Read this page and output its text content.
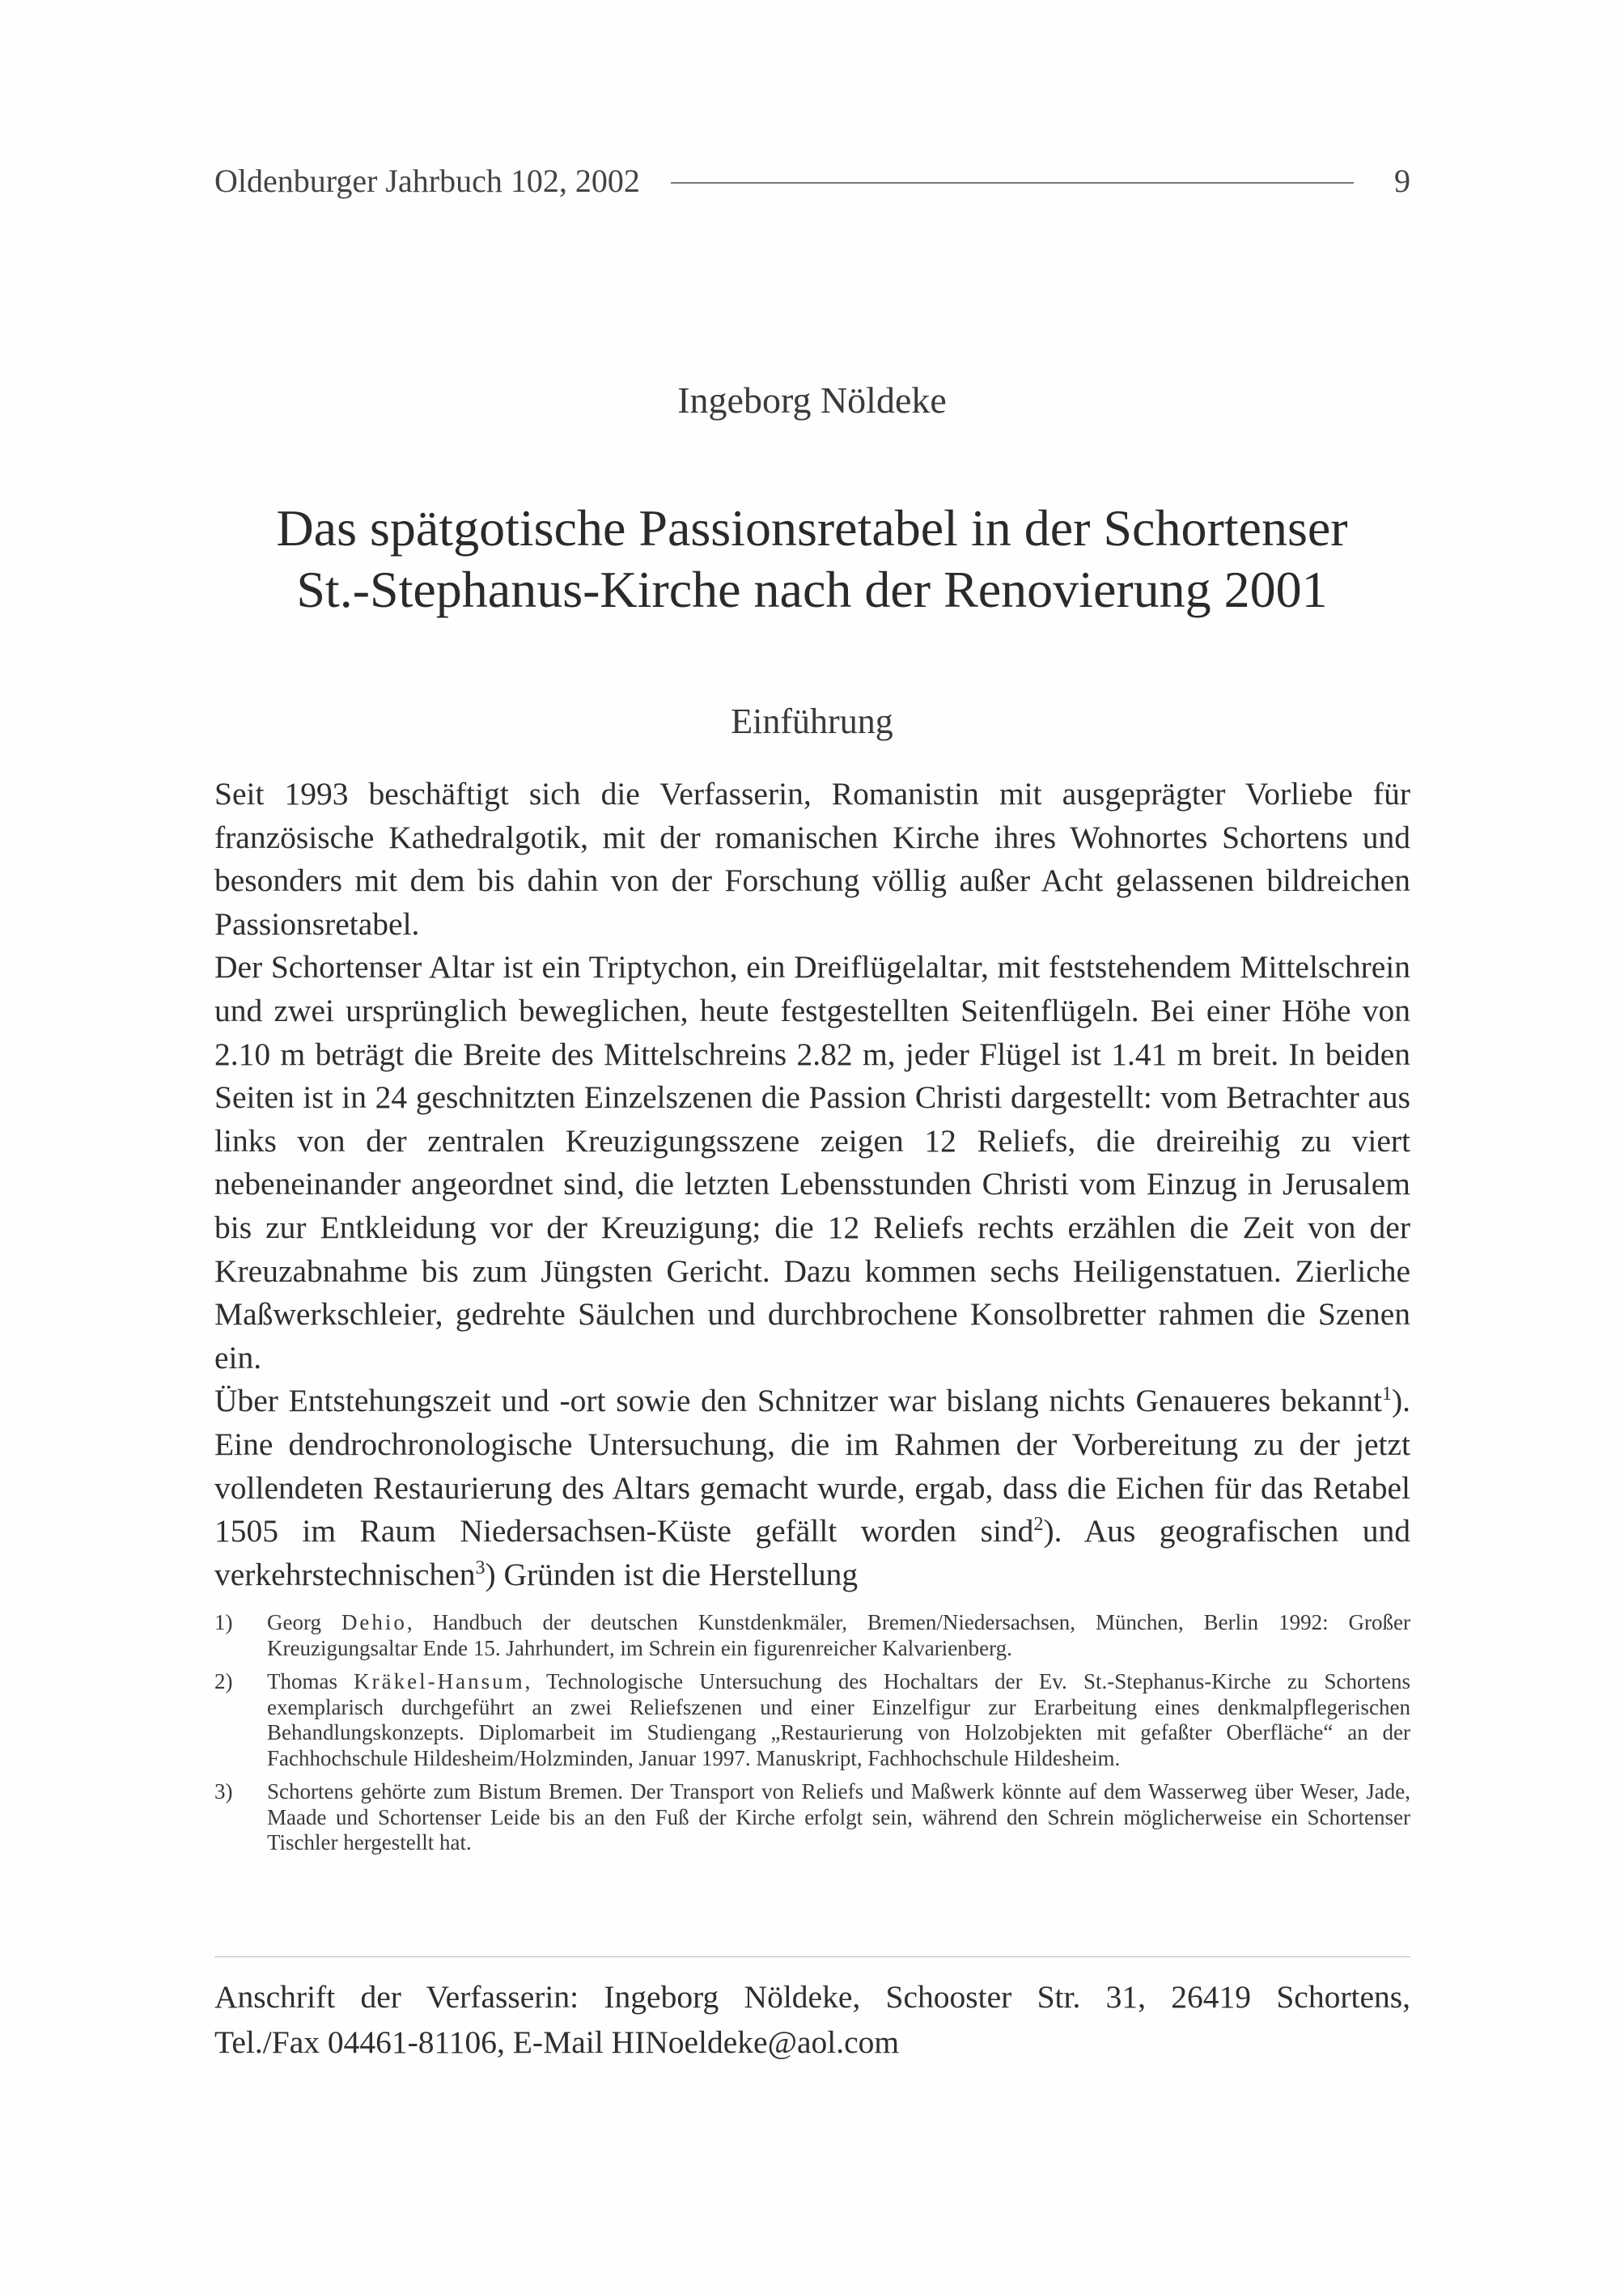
Oldenburger Jahrbuch 102, 2002	9
Ingeborg Nöldeke
Das spätgotische Passionsretabel in der Schortenser
St.-Stephanus-Kirche nach der Renovierung 2001
Einführung

Seit 1993 beschäftigt sich die Verfasserin, Romanistin mit ausgeprägter Vorliebe für französische Kathedralgotik, mit der romanischen Kirche ihres Wohnortes Schortens und besonders mit dem bis dahin von der Forschung völlig außer Acht gelassenen bildreichen Passionsretabel.

Der Schortenser Altar ist ein Triptychon, ein Dreiflügelaltar, mit feststehendem Mittelschrein und zwei ursprünglich beweglichen, heute festgestellten Seitenflügeln. Bei einer Höhe von 2.10 m beträgt die Breite des Mittelschreins 2.82 m, jeder Flügel ist 1.41 m breit. In beiden Seiten ist in 24 geschnitzten Einzelszenen die Passion Christi dargestellt: vom Betrachter aus links von der zentralen Kreuzigungsszene zeigen 12 Reliefs, die dreireihig zu viert nebeneinander angeordnet sind, die letzten Lebensstunden Christi vom Einzug in Jerusalem bis zur Entkleidung vor der Kreuzigung; die 12 Reliefs rechts erzählen die Zeit von der Kreuzabnahme bis zum Jüngsten Gericht. Dazu kommen sechs Heiligenstatuen. Zierliche Maßwerkschleier, gedrehte Säulchen und durchbrochene Konsolbretter rahmen die Szenen ein.

Über Entstehungszeit und -ort sowie den Schnitzer war bislang nichts Genaueres bekannt$^1$). Eine dendrochronologische Untersuchung, die im Rahmen der Vorbereitung zu der jetzt vollendeten Restaurierung des Altars gemacht wurde, ergab, dass die Eichen für das Retabel 1505 im Raum Niedersachsen-Küste gefällt worden sind$^2$). Aus geografischen und verkehrstechnischen$^3$) Gründen ist die Herstellung

1)	Georg Dehio, Handbuch der deutschen Kunstdenkmäler, Bremen/Niedersachsen, München, Berlin 1992: Großer Kreuzigungsaltar Ende 15. Jahrhundert, im Schrein ein figurenreicher Kalvarienberg.
2)	Thomas Kräkel-Hansum, Technologische Untersuchung des Hochaltars der Ev. St.-Stephanus-Kirche zu Schortens exemplarisch durchgeführt an zwei Reliefszenen und einer Einzelfigur zur Erarbeitung eines denkmalpflegerischen Behandlungskonzepts. Diplomarbeit im Studiengang „Restaurierung von Holzobjekten mit gefaßter Oberfläche“ an der Fachhochschule Hildesheim/Holzminden, Januar 1997. Manuskript, Fachhochschule Hildesheim.
3)	Schortens gehörte zum Bistum Bremen. Der Transport von Reliefs und Maßwerk könnte auf dem Wasserweg über Weser, Jade, Maade und Schortenser Leide bis an den Fuß der Kirche erfolgt sein, während den Schrein möglicherweise ein Schortenser Tischler hergestellt hat.
Anschrift der Verfasserin: Ingeborg Nöldeke, Schooster Str. 31, 26419 Schortens,
Tel./Fax 04461-81106, E-Mail HINoeldeke@aol.com
